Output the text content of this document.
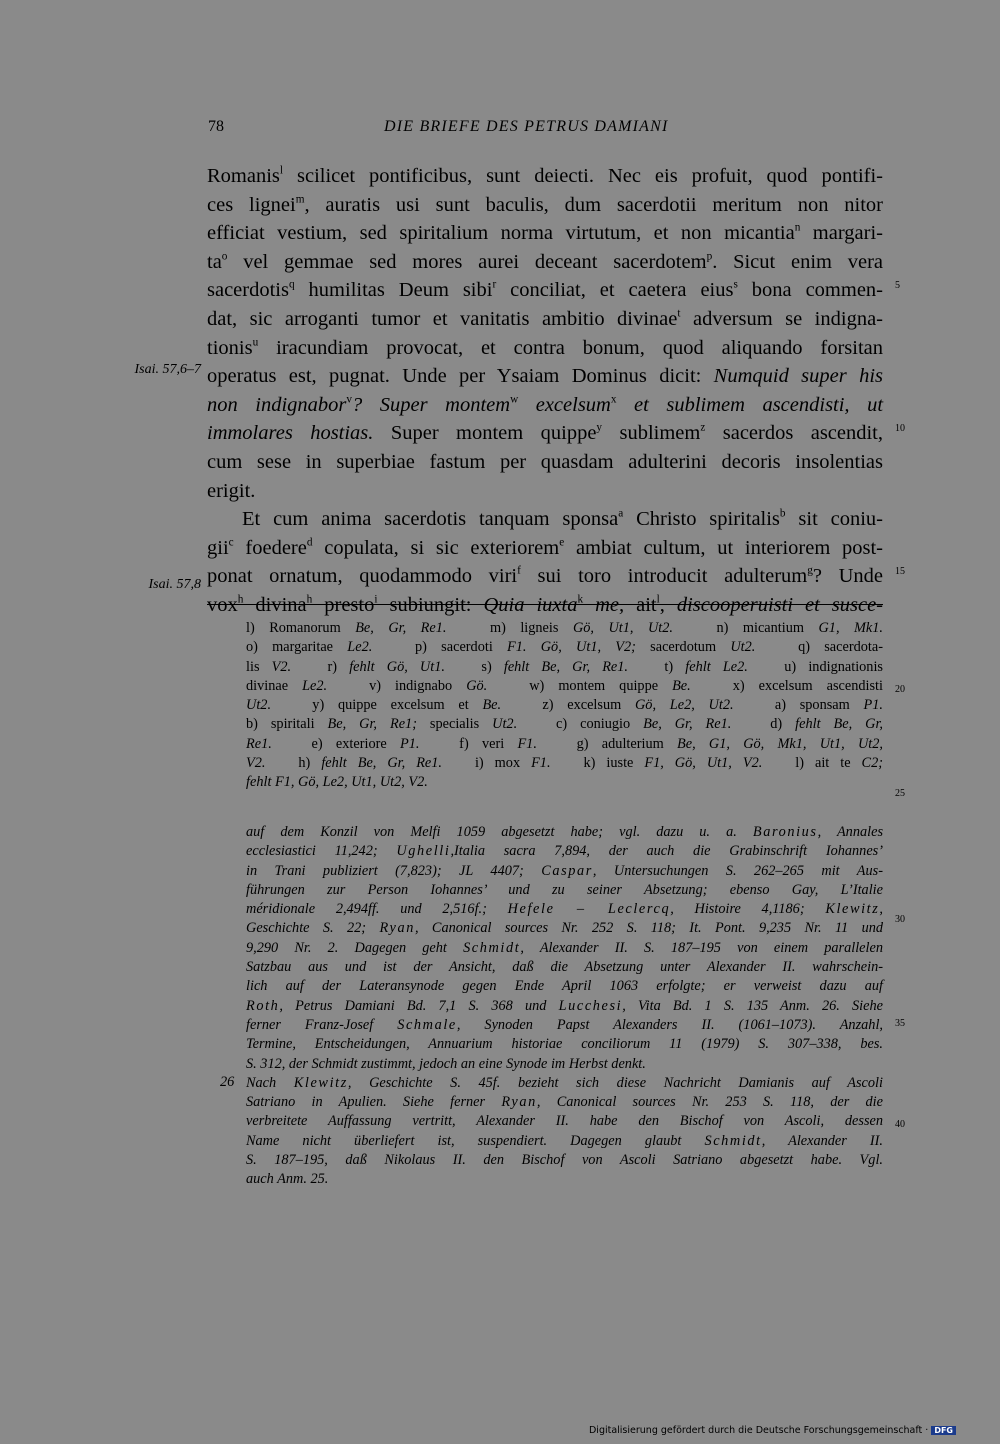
78	DIE BRIEFE DES PETRUS DAMIANI
Romanis$^l$ scilicet pontificibus, sunt deiecti. Nec eis profuit, quod pontifi-
ces lignei$^m$, auratis usi sunt baculis, dum sacerdotii meritum non nitor
efficiat vestium, sed spiritalium norma virtutum, et non micantia$^n$ margari-
$ta^o$ vel gemmae sed mores aurei deceant sacerdotem$^p$. Sicut enim vera
sacerdotis$^q$ humilitas Deum sibi$^r$ conciliat, et caetera eius$^s$ bona commen-
dat, sic arroganti tumor et vanitatis ambitio divinae$^t$ adversum se indigna-
tionis$^u$ iracundiam provocat, et contra bonum, quod aliquando forsitan
operatus est, pugnat. Unde per Ysaiam Dominus dicit: Numquid super his
non indignabor$^v$? Super montem$^w$ excelsum$^x$ et sublimem ascendisti, ut
immolares hostias. Super montem quippe$^y$ sublimem$^z$ sacerdos ascendit,
cum sese in superbiae fastum per quasdam adulterini decoris insolentias
erigit.
Et cum anima sacerdotis tanquam sponsa$^a$ Christo spiritalis$^b$ sit coniu-
gii$^c$ foedere$^d$ copulata, si sic exteriorem$^e$ ambiat cultum, ut interiorem post-
ponat ornatum, quodammodo viri$^f$ sui toro introducit adulterum$^g$? Unde
vox$^h$ divina$^h$ presto$^i$ subiungit: Quia iuxta$^k$ me, ait$^l$, discooperuisti et susce-
Isai. 57,6–7
Isai. 57,8
5
10
15
20
25
30
35
40
l) Romanorum Be, Gr, Re1.   m) ligneis Gö, Ut1, Ut2.   n) micantium G1, Mk1.
o) margaritae Le2.   p) sacerdoti F1. Gö, Ut1, V2; sacerdotum Ut2.   q) sacerdota-
lis V2.   r) fehlt Gö, Ut1.   s) fehlt Be, Gr, Re1.   t) fehlt Le2.   u) indignationis
divinae Le2.   v) indignabo Gö.   w) montem quippe Be.   x) excelsum ascendisti
Ut2.   y) quippe excelsum et Be.   z) excelsum Gö, Le2, Ut2.   a) sponsam P1.
b) spiritali Be, Gr, Re1; specialis Ut2.   c) coniugio Be, Gr, Re1.   d) fehlt Be, Gr,
Re1.   e) exteriore P1.   f) veri F1.   g) adulterium Be, G1, Gö, Mk1, Ut1, Ut2,
V2.   h) fehlt Be, Gr, Re1.   i) mox F1.   k) iuste F1, Gö, Ut1, V2.   l) ait te C2;
fehlt F1, Gö, Le2, Ut1, Ut2, V2.
auf dem Konzil von Melfi 1059 abgesetzt habe; vgl. dazu u. a. Baronius, Annales
ecclesiastici 11,242; Ughelli,Italia sacra 7,894, der auch die Grabinschrift Iohannes’
in Trani publiziert (7,823); JL 4407; Caspar, Untersuchungen S. 262–265 mit Aus-
führungen zur Person Iohannes’ und zu seiner Absetzung; ebenso Gay, L’Italie
méridionale 2,494ff. und 2,516f.; Hefele – Leclercq, Histoire 4,1186; Klewitz,
Geschichte S. 22; Ryan, Canonical sources Nr. 252 S. 118; It. Pont. 9,235 Nr. 11 und
9,290 Nr. 2. Dagegen geht Schmidt, Alexander II. S. 187–195 von einem parallelen
Satzbau aus und ist der Ansicht, daß die Absetzung unter Alexander II. wahrschein-
lich auf der Lateransynode gegen Ende April 1063 erfolgte; er verweist dazu auf
Roth, Petrus Damiani Bd. 7,1 S. 368 und Lucchesi, Vita Bd. 1 S. 135 Anm. 26. Siehe
ferner Franz-Josef Schmale, Synoden Papst Alexanders II. (1061–1073). Anzahl,
Termine, Entscheidungen, Annuarium historiae conciliorum 11 (1979) S. 307–338, bes.
S. 312, der Schmidt zustimmt, jedoch an eine Synode im Herbst denkt.
Nach Klewitz, Geschichte S. 45f. bezieht sich diese Nachricht Damianis auf Ascoli
Satriano in Apulien. Siehe ferner Ryan, Canonical sources Nr. 253 S. 118, der die
verbreitete Auffassung vertritt, Alexander II. habe den Bischof von Ascoli, dessen
Name nicht überliefert ist, suspendiert. Dagegen glaubt Schmidt, Alexander II.
S. 187–195, daß Nikolaus II. den Bischof von Ascoli Satriano abgesetzt habe. Vgl.
auch Anm. 25.
26
Digitalisierung gefördert durch die Deutsche Forschungsgemeinschaft · DFG
